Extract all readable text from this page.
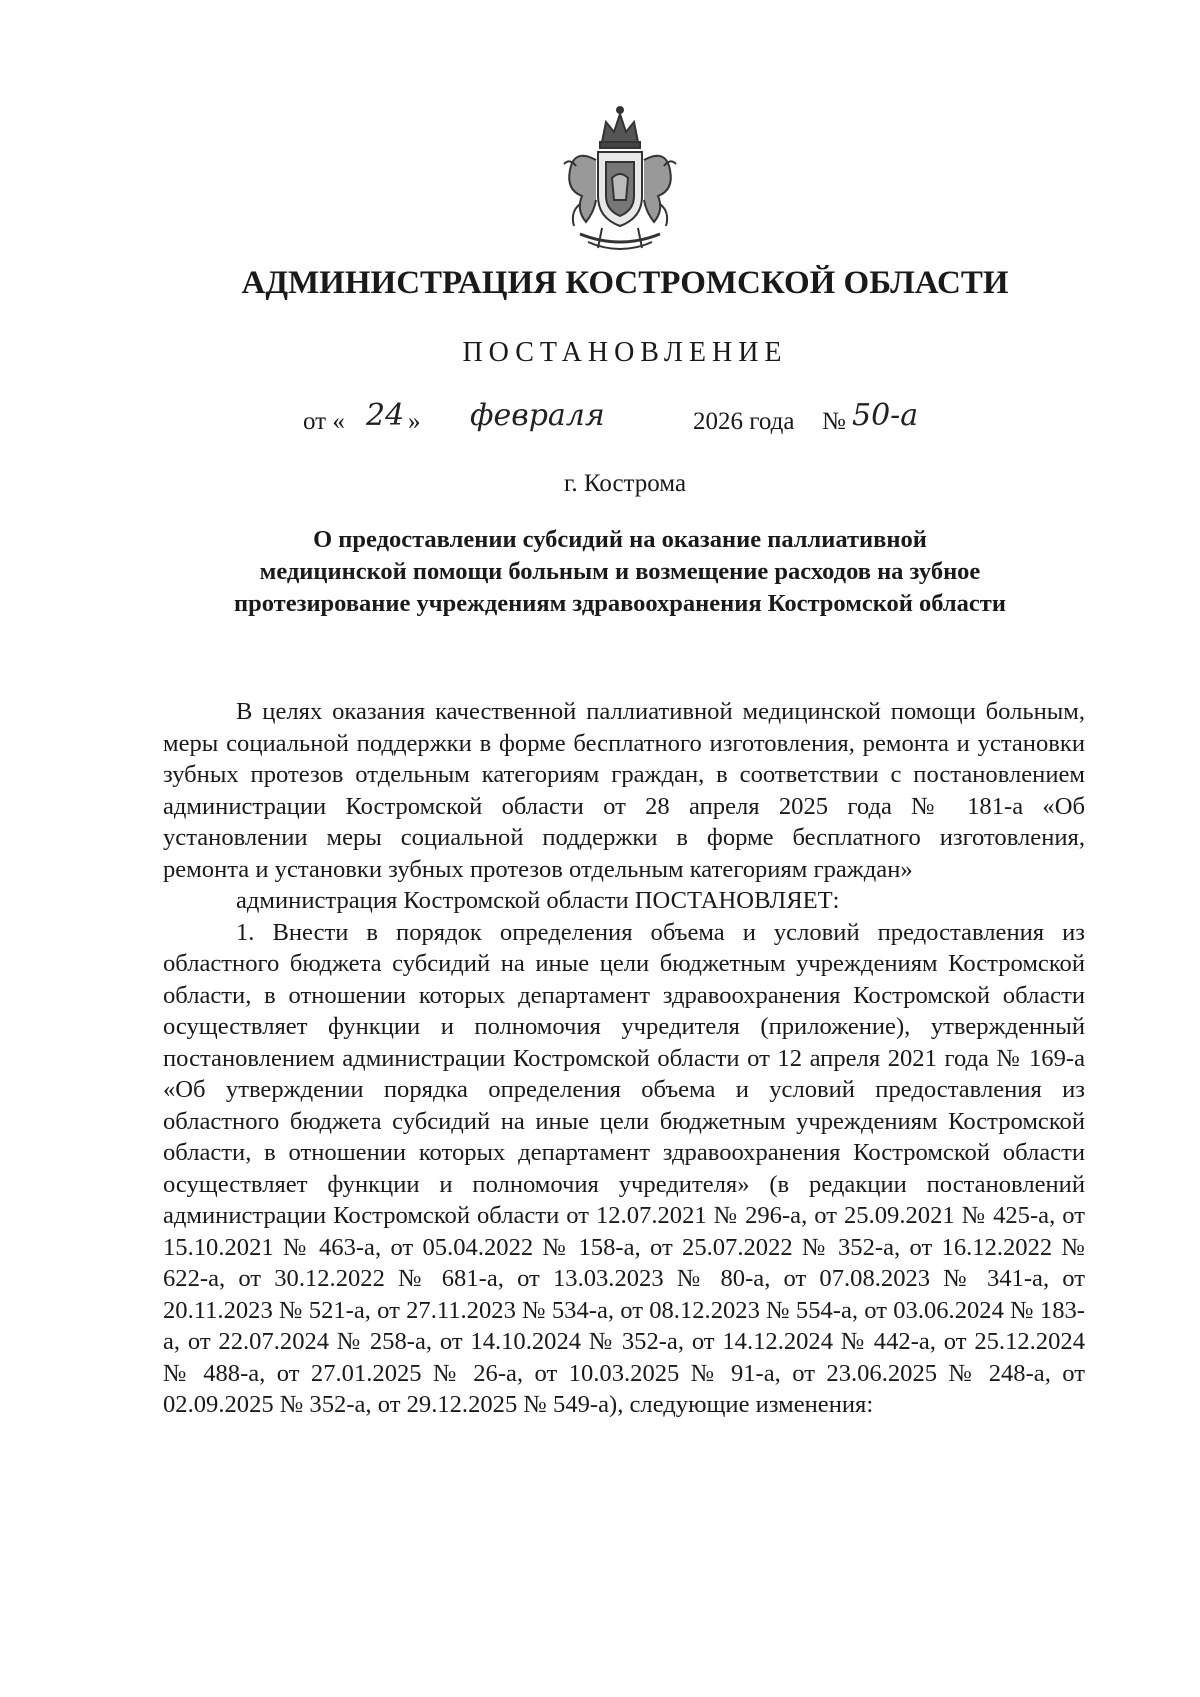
АДМИНИСТРАЦИЯ КОСТРОМСКОЙ ОБЛАСТИ
ПОСТАНОВЛЕНИЕ
от « 24 » февраля	2026 года № 50-а
г. Кострома
О предоставлении субсидий на оказание паллиативной
медицинской помощи больным и возмещение расходов на зубное
протезирование учреждениям здравоохранения Костромской области

В целях оказания качественной паллиативной медицинской помощи больным, меры социальной поддержки в форме бесплатного изготовления, ремонта и установки зубных протезов отдельным категориям граждан, в соответствии с постановлением администрации Костромской области от 28 апреля 2025 года № 181-а «Об установлении меры социальной поддержки в форме бесплатного изготовления, ремонта и установки зубных протезов отдельным категориям граждан»

администрация Костромской области ПОСТАНОВЛЯЕТ:

1. Внести в порядок определения объема и условий предоставления из областного бюджета субсидий на иные цели бюджетным учреждениям Костромской области, в отношении которых департамент здравоохранения Костромской области осуществляет функции и полномочия учредителя (приложение), утвержденный постановлением администрации Костромской области от 12 апреля 2021 года № 169-а «Об утверждении порядка определения объема и условий предоставления из областного бюджета субсидий на иные цели бюджетным учреждениям Костромской области, в отношении которых департамент здравоохранения Костромской области осуществляет функции и полномочия учредителя» (в редакции постановлений администрации Костромской области от 12.07.2021 № 296-а, от 25.09.2021 № 425-а, от 15.10.2021 № 463-а, от 05.04.2022 № 158-а, от 25.07.2022 № 352-а, от 16.12.2022 № 622-а, от 30.12.2022 № 681-а, от 13.03.2023 № 80-а, от 07.08.2023 № 341-а, от 20.11.2023 № 521-а, от 27.11.2023 № 534-а, от 08.12.2023 № 554-а, от 03.06.2024 № 183-а, от 22.07.2024 № 258-а, от 14.10.2024 № 352-а, от 14.12.2024 № 442-а, от 25.12.2024 № 488-а, от 27.01.2025 № 26-а, от 10.03.2025 № 91-а, от 23.06.2025 № 248-а, от 02.09.2025 № 352-а, от 29.12.2025 № 549-а), следующие изменения:
